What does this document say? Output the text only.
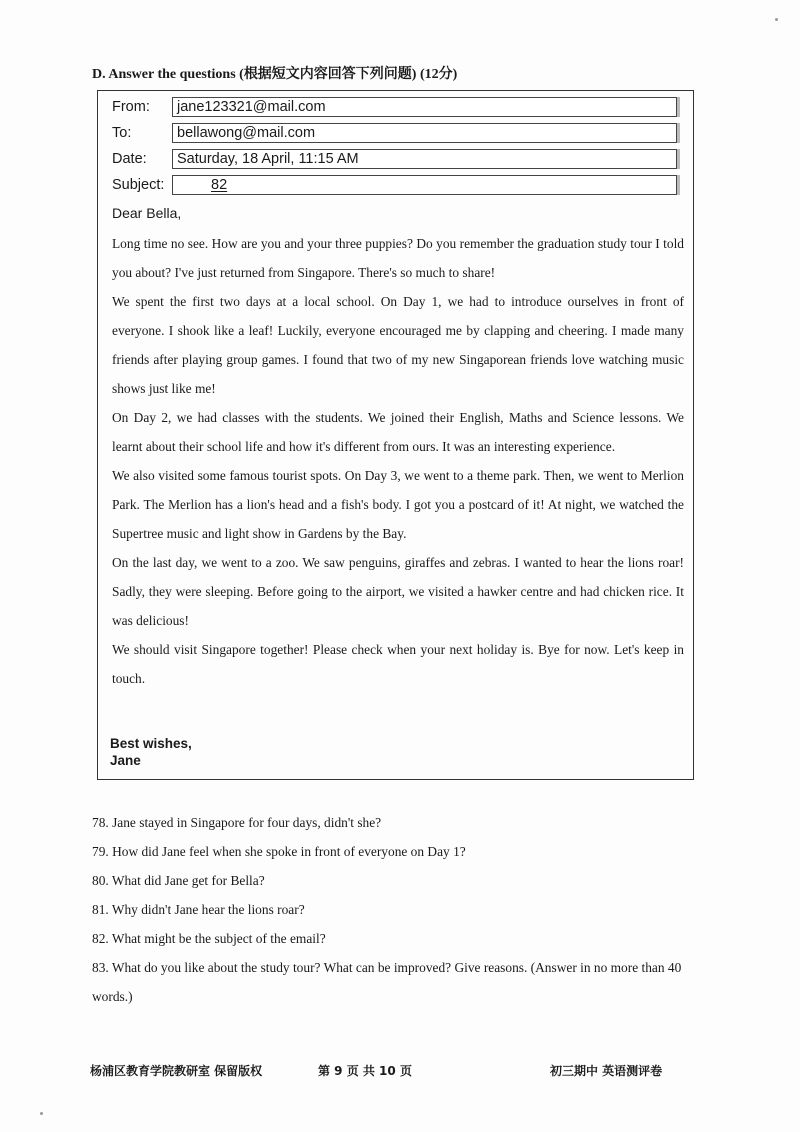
D. Answer the questions (根据短文内容回答下列问题) (12分)
From:	jane123321@mail.com
To:	bellawong@mail.com
Date:	Saturday, 18 April, 11:15 AM
Subject:	82
Dear Bella,

Long time no see. How are you and your three puppies? Do you remember the graduation study tour I told you about? I've just returned from Singapore. There's so much to share!

We spent the first two days at a local school. On Day 1, we had to introduce ourselves in front of everyone. I shook like a leaf! Luckily, everyone encouraged me by clapping and cheering. I made many friends after playing group games. I found that two of my new Singaporean friends love watching music shows just like me!

On Day 2, we had classes with the students. We joined their English, Maths and Science lessons. We learnt about their school life and how it's different from ours. It was an interesting experience.

We also visited some famous tourist spots. On Day 3, we went to a theme park. Then, we went to Merlion Park. The Merlion has a lion's head and a fish's body. I got you a postcard of it! At night, we watched the Supertree music and light show in Gardens by the Bay.

On the last day, we went to a zoo. We saw penguins, giraffes and zebras. I wanted to hear the lions roar! Sadly, they were sleeping. Before going to the airport, we visited a hawker centre and had chicken rice. It was delicious!

We should visit Singapore together! Please check when your next holiday is. Bye for now. Let's keep in touch.

Best wishes,
Jane

78. Jane stayed in Singapore for four days, didn't she?

79. How did Jane feel when she spoke in front of everyone on Day 1?

80. What did Jane get for Bella?

81. Why didn't Jane hear the lions roar?

82. What might be the subject of the email?

83. What do you like about the study tour? What can be improved? Give reasons. (Answer in no more than 40 words.)

杨浦区教育学院教研室 保留版权	第 9 页 共 10 页	初三期中 英语测评卷
